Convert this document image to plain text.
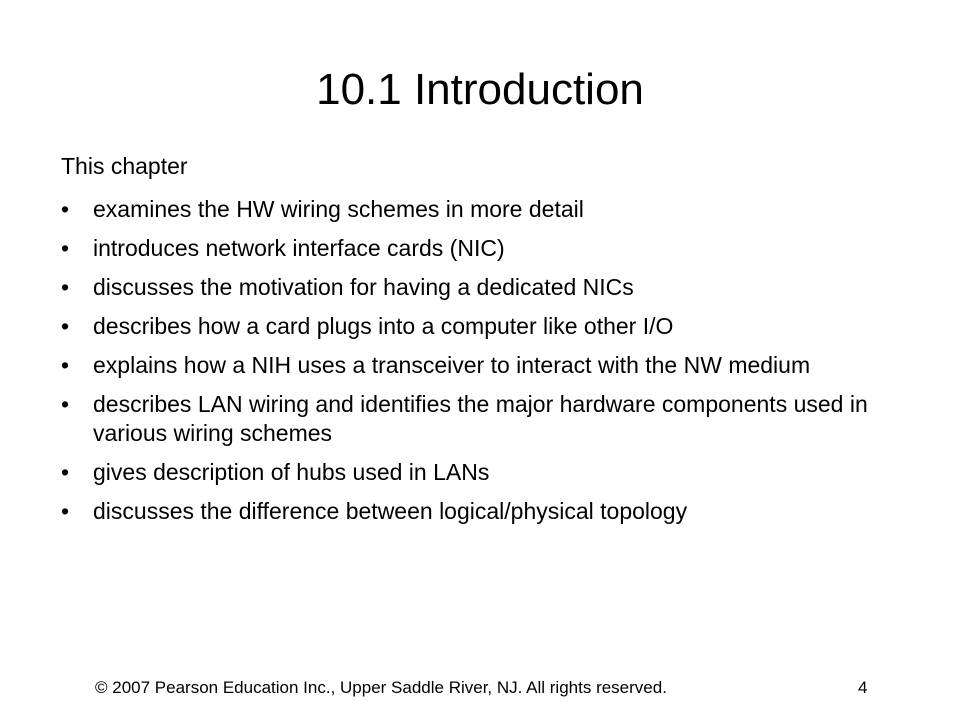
10.1 Introduction
This chapter
• examines the HW wiring schemes in more detail
• introduces network interface cards (NIC)
• discusses the motivation for having a dedicated NICs
• describes how a card plugs into a computer like other I/O
• explains how a NIH uses a transceiver to interact with the NW medium
• describes LAN wiring and identifies the major hardware components used in various wiring schemes
• gives description of hubs used in LANs
• discusses the difference between logical/physical topology
© 2007 Pearson Education Inc., Upper Saddle River, NJ. All rights reserved.	4
